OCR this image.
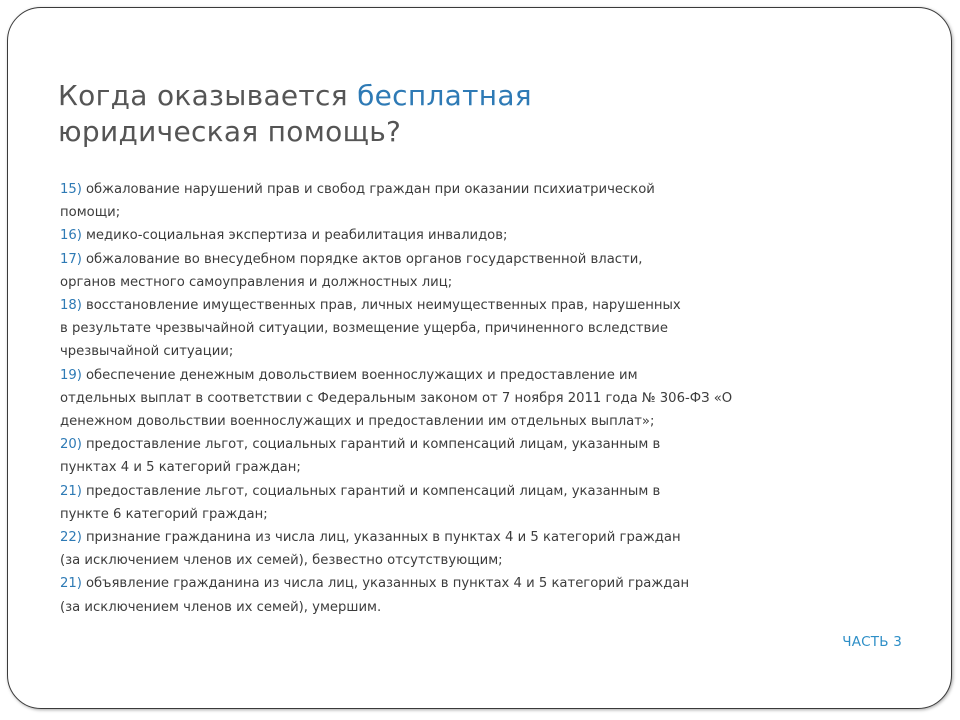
Когда оказывается бесплатная
юридическая помощь?
15) обжалование нарушений прав и свобод граждан при оказании психиатрической
помощи;
16) медико-социальная экспертиза и реабилитация инвалидов;
17) обжалование во внесудебном порядке актов органов государственной власти,
органов местного самоуправления и должностных лиц;
18) восстановление имущественных прав, личных неимущественных прав, нарушенных
в результате чрезвычайной ситуации, возмещение ущерба, причиненного вследствие
чрезвычайной ситуации;
19) обеспечение денежным довольствием военнослужащих и предоставление им
отдельных выплат в соответствии с Федеральным законом от 7 ноября 2011 года № 306-ФЗ «О
денежном довольствии военнослужащих и предоставлении им отдельных выплат»;
20) предоставление льгот, социальных гарантий и компенсаций лицам, указанным в
пунктах 4 и 5 категорий граждан;
21) предоставление льгот, социальных гарантий и компенсаций лицам, указанным в
пункте 6 категорий граждан;
22) признание гражданина из числа лиц, указанных в пунктах 4 и 5 категорий граждан
(за исключением членов их семей), безвестно отсутствующим;
21) объявление гражданина из числа лиц, указанных в пунктах 4 и 5 категорий граждан
(за исключением членов их семей), умершим.
ЧАСТЬ 3
